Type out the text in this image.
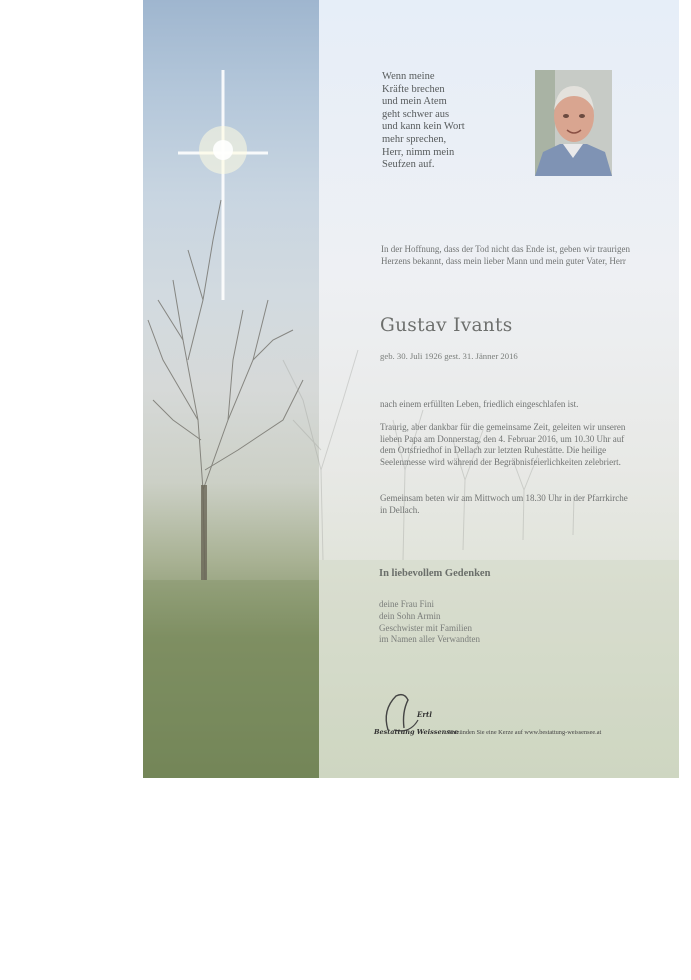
Wenn meine
Kräfte brechen
und mein Atem
geht schwer aus
und kann kein Wort
mehr sprechen,
Herr, nimm mein
Seufzen auf.
In der Hoffnung, dass der Tod nicht das Ende ist, geben wir traurigen Herzens bekannt, dass mein lieber Mann und mein guter Vater, Herr
Gustav Ivants
geb. 30. Juli 1926 gest. 31. Jänner 2016
nach einem erfüllten Leben, friedlich eingeschlafen ist.
Traurig, aber dankbar für die gemeinsame Zeit, geleiten wir unseren lieben Papa am Donnerstag, den 4. Februar 2016, um 10.30 Uhr auf dem Ortsfriedhof in Dellach zur letzten Ruhestätte. Die heilige Seelenmesse wird während der Begräbnisfeierlichkeiten zelebriert.
Gemeinsam beten wir am Mittwoch um 18.30 Uhr in der Pfarrkirche in Dellach.
In liebevollem Gedenken
deine Frau Fini
dein Sohn Armin
Geschwister mit Familien
im Namen aller Verwandten
Ertl
Bestattung Weissensee
Entzünden Sie eine Kerze auf www.bestattung-weissensee.at
